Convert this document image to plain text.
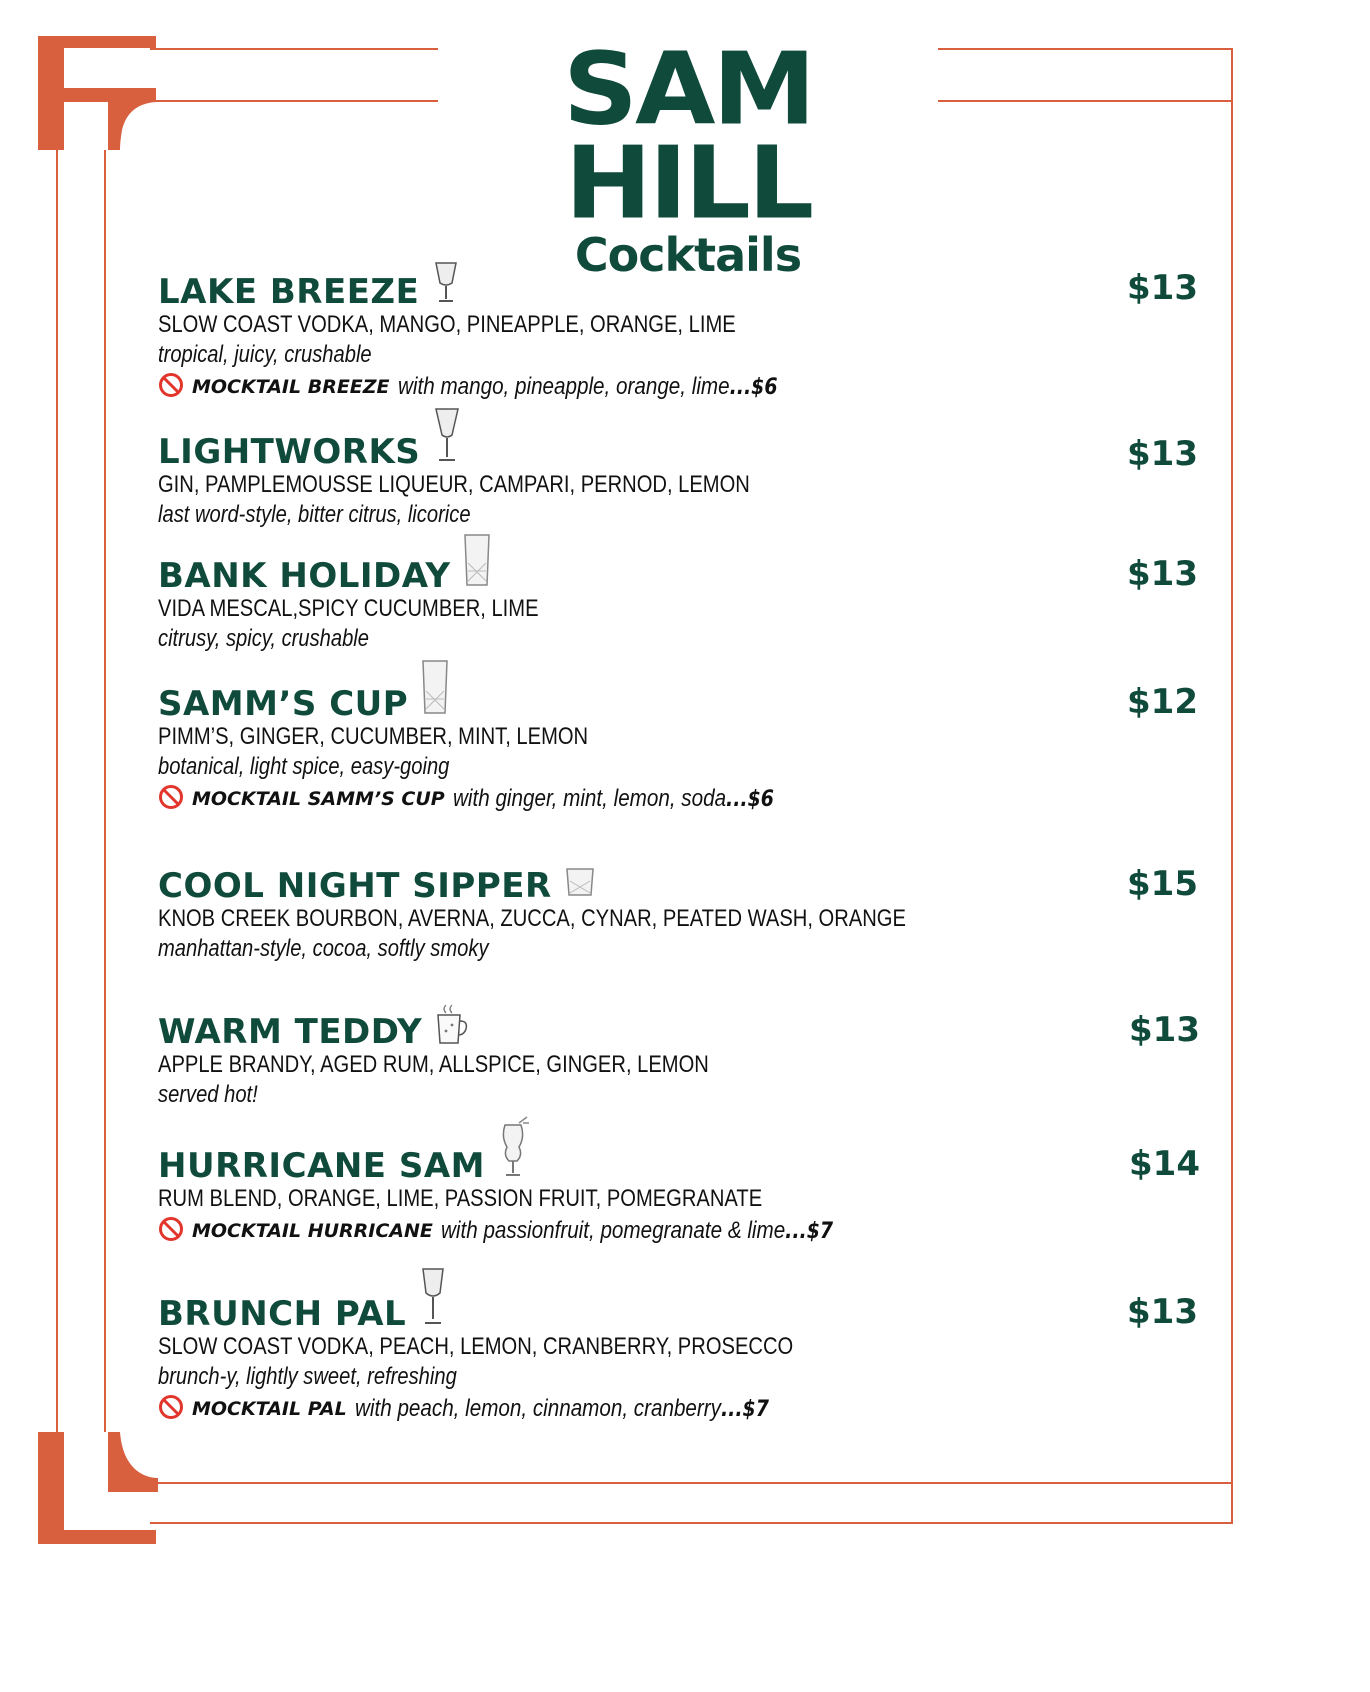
SAM HILL
Cocktails
LAKE BREEZE	$13
SLOW COAST VODKA, MANGO, PINEAPPLE, ORANGE, LIME
tropical, juicy, crushable
MOCKTAIL BREEZE with mango, pineapple, orange, lime...$6
LIGHTWORKS	$13
GIN, PAMPLEMOUSSE LIQUEUR, CAMPARI, PERNOD, LEMON
last word-style, bitter citrus, licorice
BANK HOLIDAY	$13
VIDA MESCAL,SPICY CUCUMBER, LIME
citrusy, spicy, crushable
SAMM’S CUP	$12
PIMM’S, GINGER, CUCUMBER, MINT, LEMON
botanical, light spice, easy-going
MOCKTAIL SAMM’S CUP with ginger, mint, lemon, soda...$6
COOL NIGHT SIPPER	$15
KNOB CREEK BOURBON, AVERNA, ZUCCA, CYNAR, PEATED WASH, ORANGE
manhattan-style, cocoa, softly smoky
WARM TEDDY	$13
APPLE BRANDY, AGED RUM, ALLSPICE, GINGER, LEMON
served hot!
HURRICANE SAM	$14
RUM BLEND, ORANGE, LIME, PASSION FRUIT, POMEGRANATE
MOCKTAIL HURRICANE with passionfruit, pomegranate & lime...$7
BRUNCH PAL	$13
SLOW COAST VODKA, PEACH, LEMON, CRANBERRY, PROSECCO
brunch-y, lightly sweet, refreshing
MOCKTAIL PAL with peach, lemon, cinnamon, cranberry...$7
